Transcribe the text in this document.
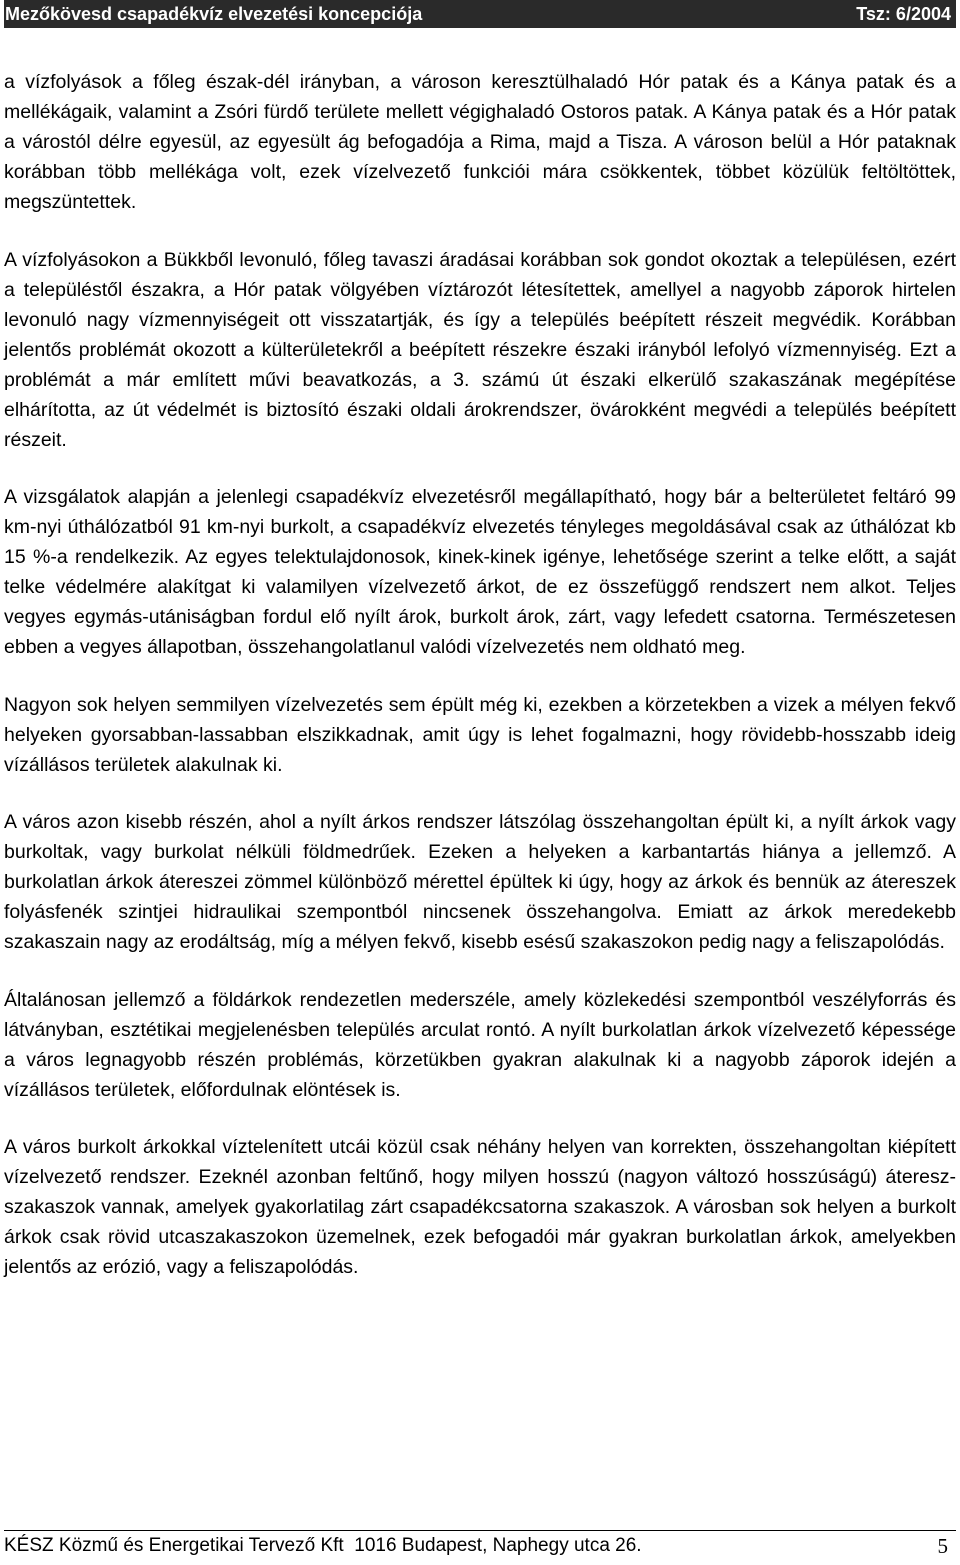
Mezőkövesd csapadékvíz elvezetési koncepciója	Tsz: 6/2004

a vízfolyások a főleg észak-dél irányban, a városon keresztülhaladó Hór patak és a Kánya patak és a mellékágaik, valamint a Zsóri fürdő területe mellett végighaladó Ostoros patak. A Kánya patak és a Hór patak a várostól délre egyesül, az egyesült ág befogadója a Rima, majd a Tisza. A városon belül a Hór pataknak korábban több mellékága volt, ezek vízelvezető funkciói mára csökkentek, többet közülük feltöltöttek, megszüntettek.

A vízfolyásokon a Bükkből levonuló, főleg tavaszi áradásai korábban sok gondot okoztak a településen, ezért a településtől északra, a Hór patak völgyében víztározót létesítettek, amellyel a nagyobb záporok hirtelen levonuló nagy vízmennyiségeit ott visszatartják, és így a település beépített részeit megvédik. Korábban jelentős problémát okozott a külterületekről a beépített részekre északi irányból lefolyó vízmennyiség. Ezt a problémát a már említett művi beavatkozás, a 3. számú út északi elkerülő szakaszának megépítése elhárította, az út védelmét is biztosító északi oldali árokrendszer, övárokként megvédi a település beépített részeit.

A vizsgálatok alapján a jelenlegi csapadékvíz elvezetésről megállapítható, hogy bár a belterületet feltáró 99 km-nyi úthálózatból 91 km-nyi burkolt, a csapadékvíz elvezetés tényleges megoldásával csak az úthálózat kb 15 %-a rendelkezik. Az egyes telektulajdonosok, kinek-kinek igénye, lehetősége szerint a telke előtt, a saját telke védelmére alakítgat ki valamilyen vízelvezető árkot, de ez összefüggő rendszert nem alkot. Teljes vegyes egymás-utániságban fordul elő nyílt árok, burkolt árok, zárt, vagy lefedett csatorna. Természetesen ebben a vegyes állapotban, összehangolatlanul valódi vízelvezetés nem oldható meg.

Nagyon sok helyen semmilyen vízelvezetés sem épült még ki, ezekben a körzetekben a vizek a mélyen fekvő helyeken gyorsabban-lassabban elszikkadnak, amit úgy is lehet fogalmazni, hogy rövidebb-hosszabb ideig vízállásos területek alakulnak ki.

A város azon kisebb részén, ahol a nyílt árkos rendszer látszólag összehangoltan épült ki, a nyílt árkok vagy burkoltak, vagy burkolat nélküli földmedrűek. Ezeken a helyeken a karbantartás hiánya a jellemző. A burkolatlan árkok átereszei zömmel különböző mérettel épültek ki úgy, hogy az árkok és bennük az átereszek folyásfenék szintjei hidraulikai szempontból nincsenek összehangolva. Emiatt az árkok meredekebb szakaszain nagy az erodáltság, míg a mélyen fekvő, kisebb esésű szakaszokon pedig nagy a feliszapolódás.

Általánosan jellemző a földárkok rendezetlen mederszéle, amely közlekedési szempontból veszélyforrás és látványban, esztétikai megjelenésben település arculat rontó. A nyílt burkolatlan árkok vízelvezető képessége a város legnagyobb részén problémás, körzetükben gyakran alakulnak ki a nagyobb záporok idején a vízállásos területek, előfordulnak elöntések is.

A város burkolt árkokkal víztelenített utcái közül csak néhány helyen van korrekten, összehangoltan kiépített vízelvezető rendszer. Ezeknél azonban feltűnő, hogy milyen hosszú (nagyon változó hosszúságú) áteresz-szakaszok vannak, amelyek gyakorlatilag zárt csapadékcsatorna szakaszok. A városban sok helyen a burkolt árkok csak rövid utcaszakaszokon üzemelnek, ezek befogadói már gyakran burkolatlan árkok, amelyekben jelentős az erózió, vagy a feliszapolódás.

KÉSZ Közmű és Energetikai Tervező Kft  1016 Budapest, Naphegy utca 26.	5
